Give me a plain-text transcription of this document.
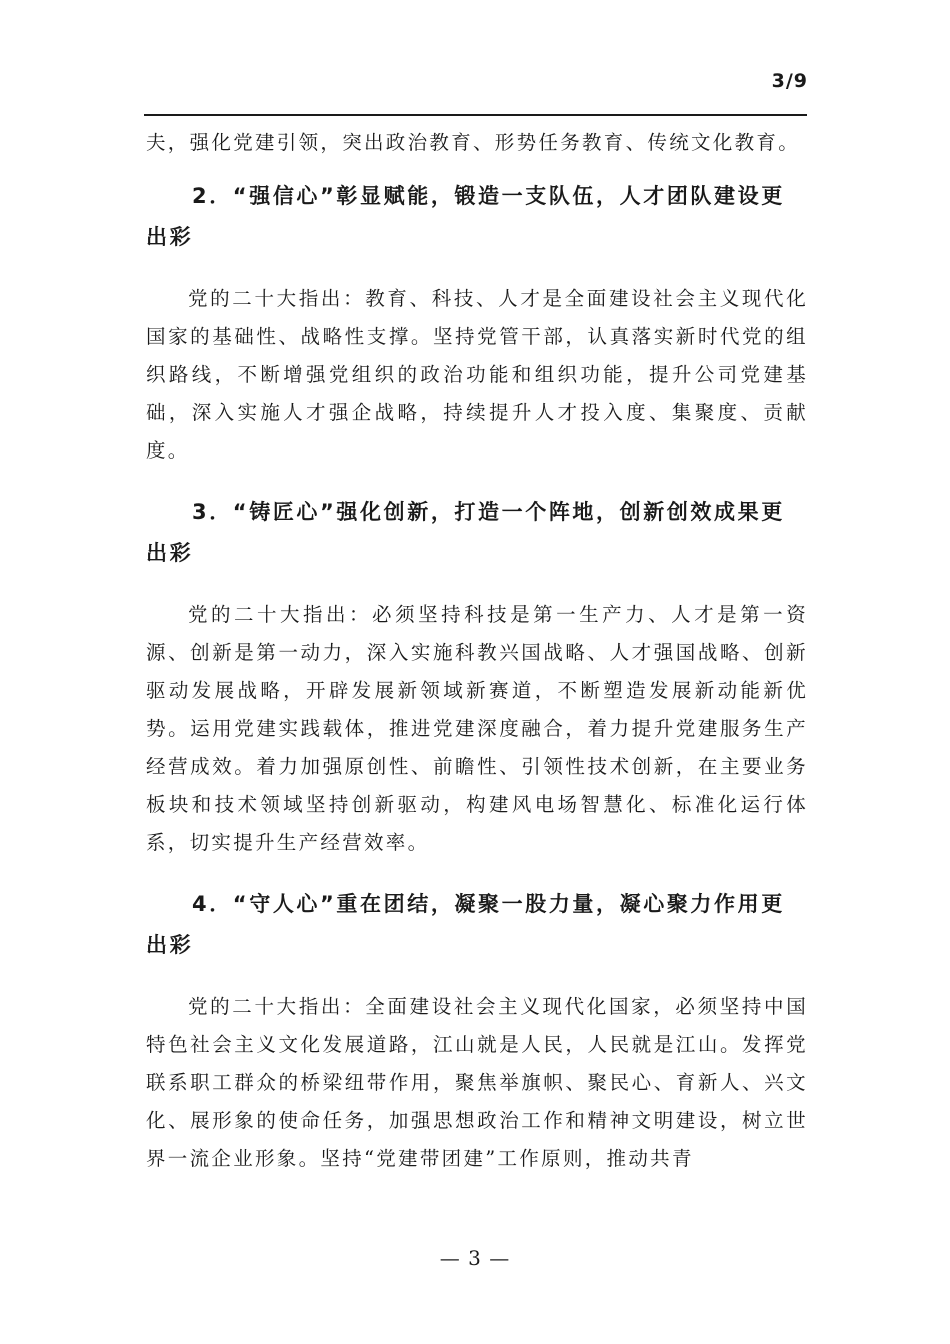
3/9

夫，强化党建引领，突出政治教育、形势任务教育、传统文化教育。

2．“强信心”彰显赋能，锻造一支队伍，人才团队建设更出彩

党的二十大指出：教育、科技、人才是全面建设社会主义现代化国家的基础性、战略性支撑。坚持党管干部，认真落实新时代党的组织路线，不断增强党组织的政治功能和组织功能，提升公司党建基础，深入实施人才强企战略，持续提升人才投入度、集聚度、贡献度。

3．“铸匠心”强化创新，打造一个阵地，创新创效成果更出彩

党的二十大指出：必须坚持科技是第一生产力、人才是第一资源、创新是第一动力，深入实施科教兴国战略、人才强国战略、创新驱动发展战略，开辟发展新领域新赛道，不断塑造发展新动能新优势。运用党建实践载体，推进党建深度融合，着力提升党建服务生产经营成效。着力加强原创性、前瞻性、引领性技术创新，在主要业务板块和技术领域坚持创新驱动，构建风电场智慧化、标准化运行体系，切实提升生产经营效率。

4．“守人心”重在团结，凝聚一股力量，凝心聚力作用更出彩

党的二十大指出：全面建设社会主义现代化国家，必须坚持中国特色社会主义文化发展道路，江山就是人民，人民就是江山。发挥党联系职工群众的桥梁纽带作用，聚焦举旗帜、聚民心、育新人、兴文化、展形象的使命任务，加强思想政治工作和精神文明建设，树立世界一流企业形象。坚持“党建带团建”工作原则，推动共青

— 3 —
